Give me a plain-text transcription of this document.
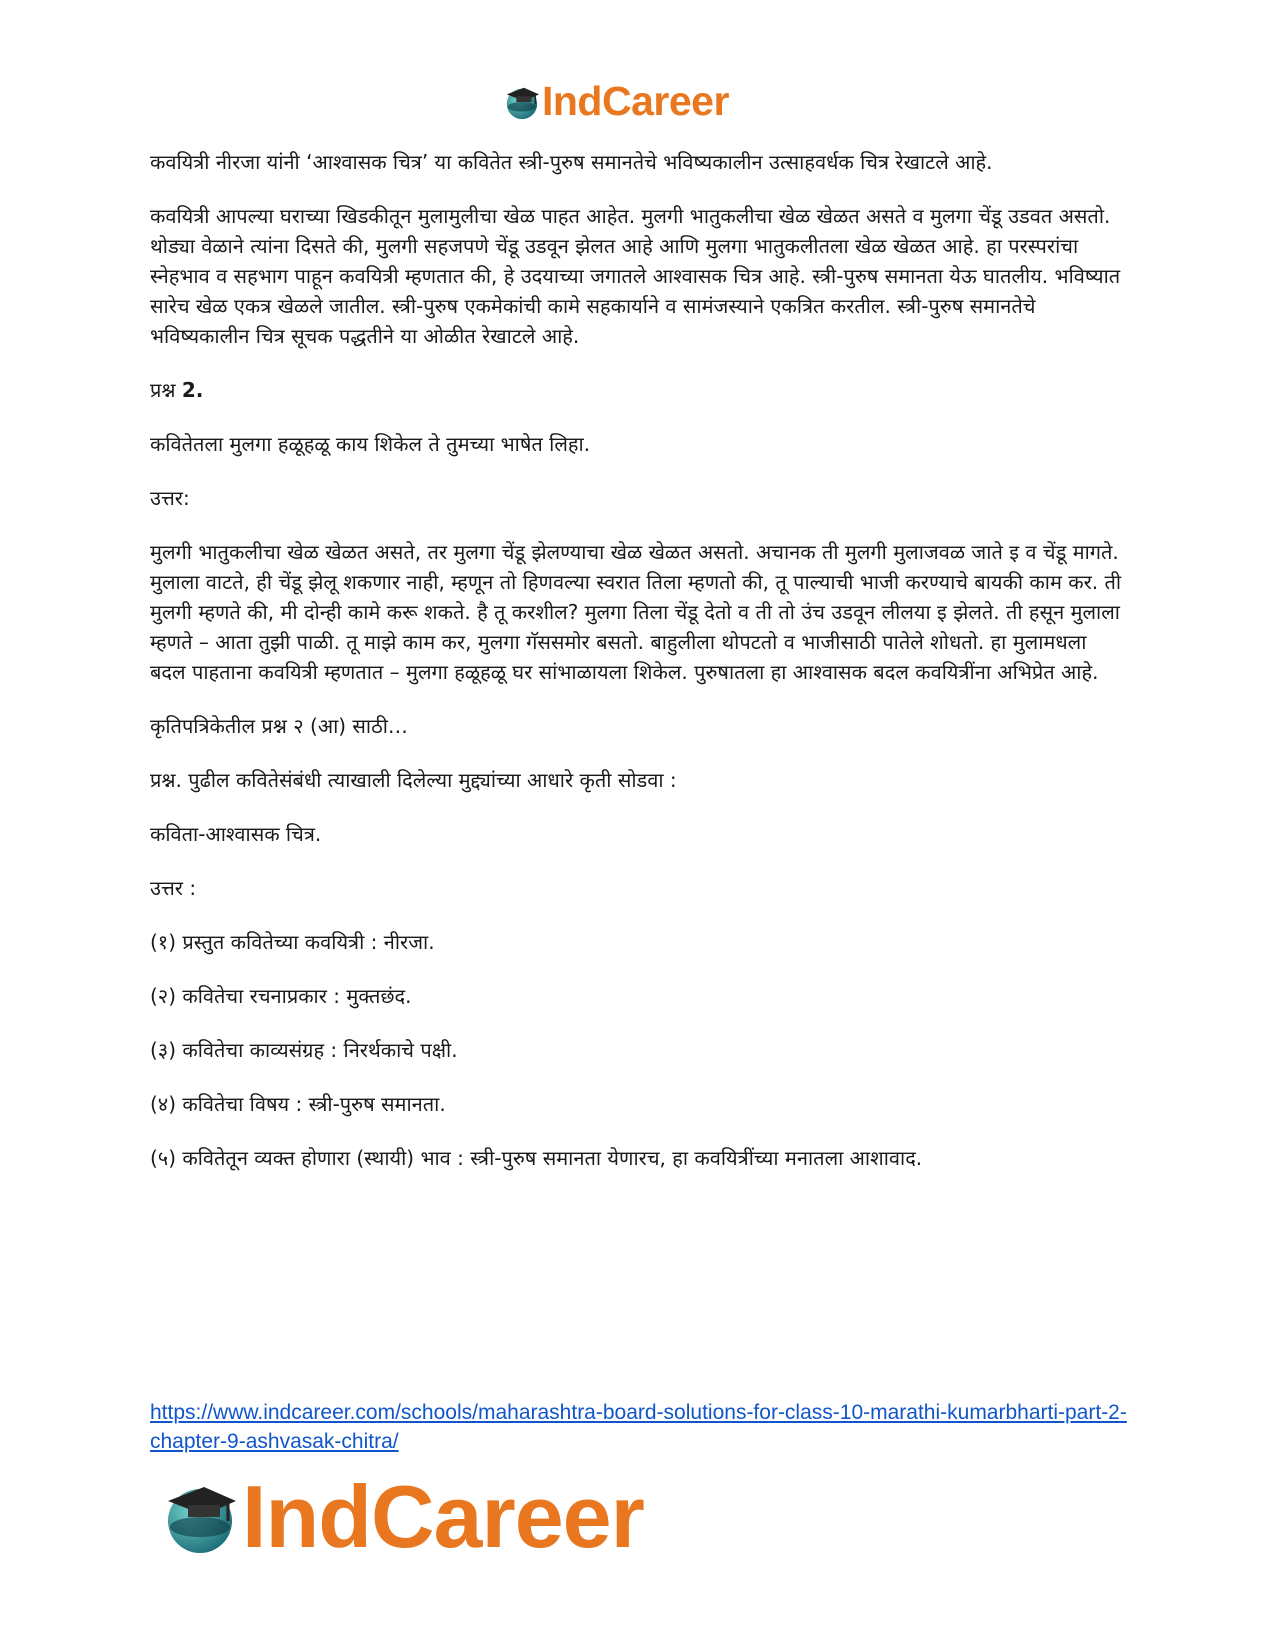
IndCareer

कवयित्री नीरजा यांनी ‘आश्वासक चित्र’ या कवितेत स्त्री-पुरुष समानतेचे भविष्यकालीन उत्साहवर्धक चित्र रेखाटले आहे.

कवयित्री आपल्या घराच्या खिडकीतून मुलामुलीचा खेळ पाहत आहेत. मुलगी भातुकलीचा खेळ खेळत असते व मुलगा चेंडू उडवत असतो. थोड्या वेळाने त्यांना दिसते की, मुलगी सहजपणे चेंडू उडवून झेलत आहे आणि मुलगा भातुकलीतला खेळ खेळत आहे. हा परस्परांचा स्नेहभाव व सहभाग पाहून कवयित्री म्हणतात की, हे उदयाच्या जगातले आश्वासक चित्र आहे. स्त्री-पुरुष समानता येऊ घातलीय. भविष्यात सारेच खेळ एकत्र खेळले जातील. स्त्री-पुरुष एकमेकांची कामे सहकार्याने व सामंजस्याने एकत्रित करतील. स्त्री-पुरुष समानतेचे भविष्यकालीन चित्र सूचक पद्धतीने या ओळीत रेखाटले आहे.

प्रश्न 2.

कवितेतला मुलगा हळूहळू काय शिकेल ते तुमच्या भाषेत लिहा.

उत्तर:

मुलगी भातुकलीचा खेळ खेळत असते, तर मुलगा चेंडू झेलण्याचा खेळ खेळत असतो. अचानक ती मुलगी मुलाजवळ जाते इ व चेंडू मागते. मुलाला वाटते, ही चेंडू झेलू शकणार नाही, म्हणून तो हिणवल्या स्वरात तिला म्हणतो की, तू पाल्याची भाजी करण्याचे बायकी काम कर. ती मुलगी म्हणते की, मी दोन्ही कामे करू शकते. है तू करशील? मुलगा तिला चेंडू देतो व ती तो उंच उडवून लीलया इ झेलते. ती हसून मुलाला म्हणते – आता तुझी पाळी. तू माझे काम कर, मुलगा गॅससमोर बसतो. बाहुलीला थोपटतो व भाजीसाठी पातेले शोधतो. हा मुलामधला बदल पाहताना कवयित्री म्हणतात – मुलगा हळूहळू घर सांभाळायला शिकेल. पुरुषातला हा आश्वासक बदल कवयित्रींना अभिप्रेत आहे.

कृतिपत्रिकेतील प्रश्न २ (आ) साठी…

प्रश्न. पुढील कवितेसंबंधी त्याखाली दिलेल्या मुद्द्यांच्या आधारे कृती सोडवा :

कविता-आश्वासक चित्र.

उत्तर :

(१) प्रस्तुत कवितेच्या कवयित्री : नीरजा.

(२) कवितेचा रचनाप्रकार : मुक्तछंद.

(३) कवितेचा काव्यसंग्रह : निरर्थकाचे पक्षी.

(४) कवितेचा विषय : स्त्री-पुरुष समानता.

(५) कवितेतून व्यक्त होणारा (स्थायी) भाव : स्त्री-पुरुष समानता येणारच, हा कवयित्रींच्या मनातला आशावाद.

https://www.indcareer.com/schools/maharashtra-board-solutions-for-class-10-marathi-kumarbharti-part-2-chapter-9-ashvasak-chitra/
IndCareer
